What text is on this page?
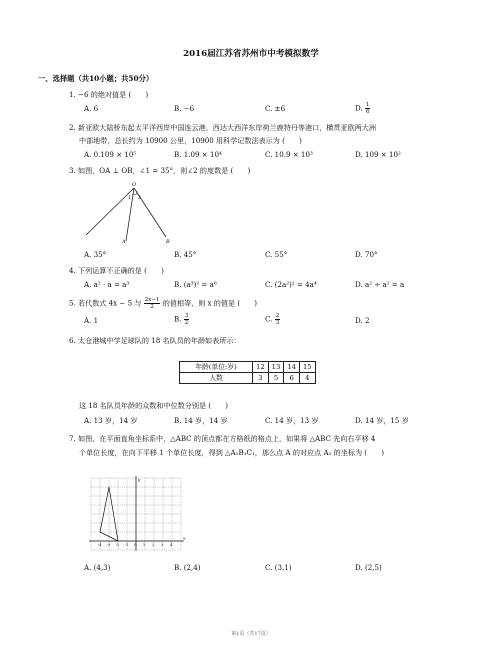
2016届江苏省苏州市中考模拟数学
一、选择题（共10小题；共50分）
1. −6 的绝对值是 (　　)
A. 6	B. −6	C. ±6	D. $\frac{1}{6}$
2. 新亚欧大陆桥东起太平洋西岸中国连云港，西达大西洋东岸荷兰鹿特丹等港口，横贯亚欧两大洲
中部地带，总长约为 10900 公里，10900 用科学记数法表示为 (　　)
A. 0.109 × 10⁵	B. 1.09 × 10⁴	C. 10.9 × 10³	D. 109 × 10²
3. 如图，OA ⊥ OB，∠1 = 35°，则∠2 的度数是 (　　)
O
1 2
A	B
A. 35°	B. 45°	C. 55°	D. 70°
4. 下列运算不正确的是 (　　)
A. a² · a = a³	B. (a³)² = a⁶	C. (2a²)² = 4a⁴	D. a² ÷ a² = a
5. 若代数式 4x − 5 与 $\frac{2x-1}{2}$ 的值相等，则 x 的值是 (　　)
A. 1	B. $\frac{3}{2}$	C. $\frac{2}{3}$	D. 2
6. 太仓港城中学足球队的 18 名队员的年龄如表所示：
年龄(单位:岁)	12	13	14	15
人数	3	5	6	4
这 18 名队员年龄的众数和中位数分别是 (　　)
A. 13 岁，14 岁	B. 14 岁，14 岁	C. 14 岁，13 岁	D. 14 岁，15 岁
7. 如图，在平面直角坐标系中，△ABC 的顶点都在方格纸的格点上，如果将 △ABC 先向右平移 4
个单位长度，在向下平移 1 个单位长度，得到 △A₁B₁C₁，那么点 A 的对应点 A₁ 的坐标为 (　　)
y
x
-4 -3 -2 -1 O 1 2 3 4
A. (4,3)	B. (2,4)	C. (3,1)	D. (2,5)
第1页（共17页）
